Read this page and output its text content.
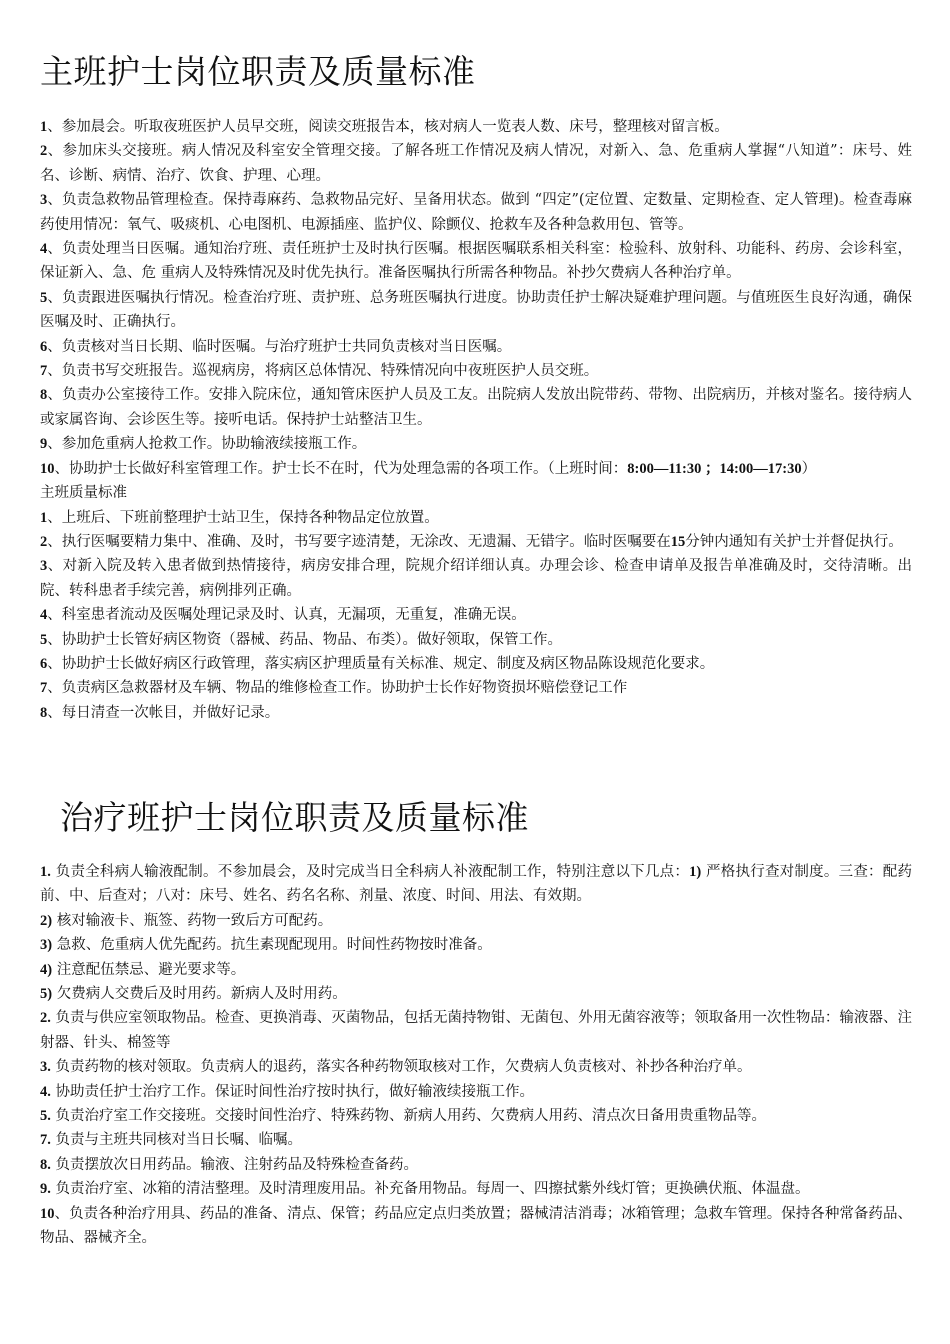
主班护士岗位职责及质量标准

1、参加晨会。听取夜班医护人员早交班，阅读交班报告本，核对病人一览表人数、床号，整理核对留言板。

2、参加床头交接班。病人情况及科室安全管理交接。了解各班工作情况及病人情况，对新入、急、危重病人掌握“八知道”：床号、姓名、诊断、病情、治疗、饮食、护理、心理。

3、负责急救物品管理检查。保持毒麻药、急救物品完好、呈备用状态。做到 “四定”(定位置、定数量、定期检查、定人管理)。检查毒麻药使用情况：氧气、吸痰机、心电图机、电源插座、监护仪、除颤仪、抢救车及各种急救用包、管等。

4、负责处理当日医嘱。通知治疗班、责任班护士及时执行医嘱。根据医嘱联系相关科室：检验科、放射科、功能科、药房、会诊科室，保证新入、急、危 重病人及特殊情况及时优先执行。准备医嘱执行所需各种物品。补抄欠费病人各种治疗单。

5、负责跟进医嘱执行情况。检查治疗班、责护班、总务班医嘱执行进度。协助责任护士解决疑难护理问题。与值班医生良好沟通，确保医嘱及时、正确执行。

6、负责核对当日长期、临时医嘱。与治疗班护士共同负责核对当日医嘱。

7、负责书写交班报告。巡视病房，将病区总体情况、特殊情况向中夜班医护人员交班。

8、负责办公室接待工作。安排入院床位，通知管床医护人员及工友。出院病人发放出院带药、带物、出院病历，并核对鉴名。接待病人或家属咨询、会诊医生等。接听电话。保持护士站整洁卫生。

9、参加危重病人抢救工作。协助输液续接瓶工作。

10、协助护士长做好科室管理工作。护士长不在时，代为处理急需的各项工作。（上班时间：8:00—11:30 ；14:00—17:30）

主班质量标准

1、上班后、下班前整理护士站卫生，保持各种物品定位放置。

2、执行医嘱要精力集中、准确、及时，书写要字迹清楚，无涂改、无遗漏、无错字。临时医嘱要在15分钟内通知有关护士并督促执行。

3、对新入院及转入患者做到热情接待，病房安排合理，院规介绍详细认真。办理会诊、检查申请单及报告单准确及时，交待清晰。出院、转科患者手续完善，病例排列正确。

4、科室患者流动及医嘱处理记录及时、认真，无漏项，无重复，准确无误。

5、协助护士长管好病区物资（器械、药品、物品、布类）。做好领取，保管工作。

6、协助护士长做好病区行政管理，落实病区护理质量有关标准、规定、制度及病区物品陈设规范化要求。

7、负责病区急救器材及车辆、物品的维修检查工作。协助护士长作好物资损坏赔偿登记工作

8、每日清查一次帐目，并做好记录。

治疗班护士岗位职责及质量标准

1. 负责全科病人输液配制。不参加晨会，及时完成当日全科病人补液配制工作，特别注意以下几点：1) 严格执行查对制度。三查：配药前、中、后查对；八对：床号、姓名、药名名称、剂量、浓度、时间、用法、有效期。

2) 核对输液卡、瓶签、药物一致后方可配药。

3) 急救、危重病人优先配药。抗生素现配现用。时间性药物按时准备。

4) 注意配伍禁忌、避光要求等。

5) 欠费病人交费后及时用药。新病人及时用药。

2. 负责与供应室领取物品。检查、更换消毒、灭菌物品，包括无菌持物钳、无菌包、外用无菌容液等；领取备用一次性物品：输液器、注射器、针头、棉签等

3. 负责药物的核对领取。负责病人的退药，落实各种药物领取核对工作，欠费病人负责核对、补抄各种治疗单。

4. 协助责任护士治疗工作。保证时间性治疗按时执行，做好输液续接瓶工作。

5. 负责治疗室工作交接班。交接时间性治疗、特殊药物、新病人用药、欠费病人用药、清点次日备用贵重物品等。

7. 负责与主班共同核对当日长嘱、临嘱。

8. 负责摆放次日用药品。输液、注射药品及特殊检查备药。

9. 负责治疗室、冰箱的清洁整理。及时清理废用品。补充备用物品。每周一、四擦拭紫外线灯管；更换碘伏瓶、体温盘。

10、负责各种治疗用具、药品的准备、清点、保管；药品应定点归类放置；器械清洁消毒；冰箱管理；急救车管理。保持各种常备药品、物品、器械齐全。
